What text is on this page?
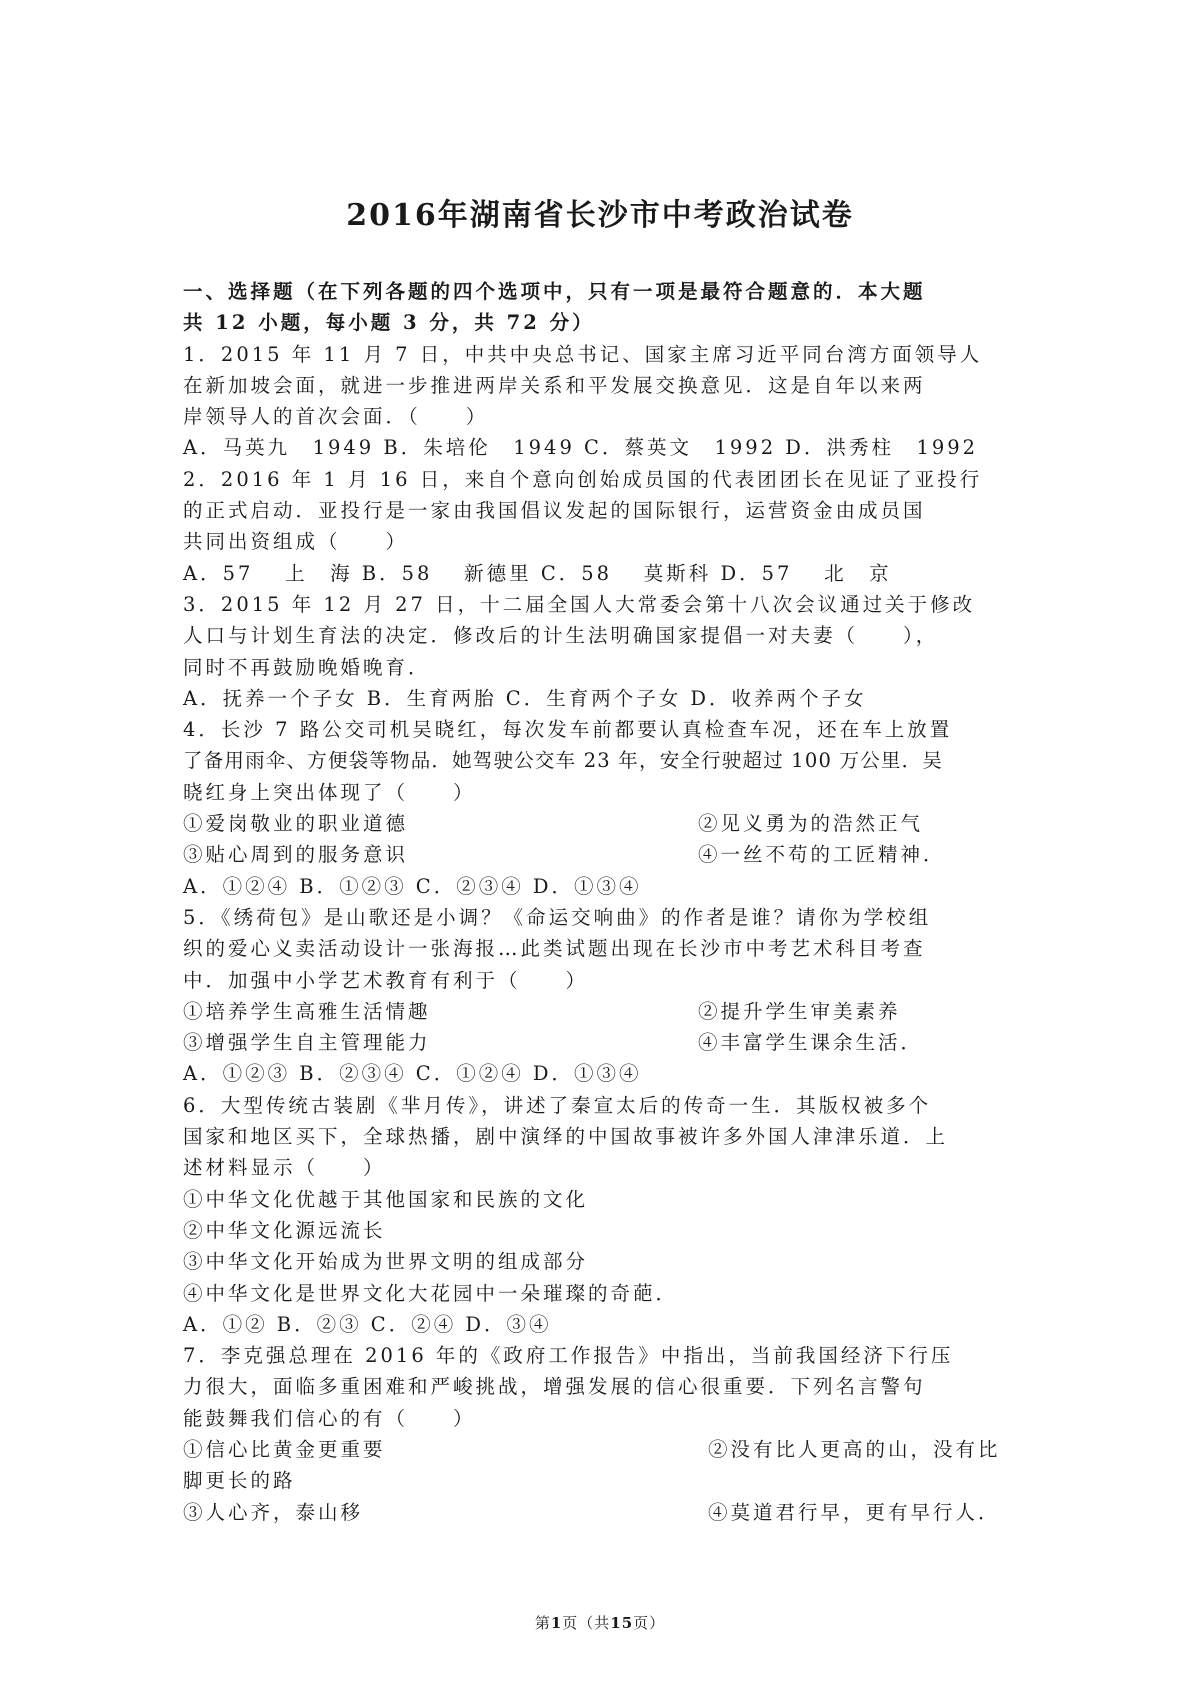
2016年湖南省长沙市中考政治试卷
一、选择题（在下列各题的四个选项中，只有一项是最符合题意的．本大题
共 12 小题，每小题 3 分，共 72 分）
1．2015 年 11 月 7 日，中共中央总书记、国家主席习近平同台湾方面领导人
在新加坡会面，就进一步推进两岸关系和平发展交换意见．这是自年以来两
岸领导人的首次会面．（　　）
A．马英九　1949 B．朱培伦　1949 C．蔡英文　1992 D．洪秀柱　1992
2．2016 年 1 月 16 日，来自个意向创始成员国的代表团团长在见证了亚投行
的正式启动．亚投行是一家由我国倡议发起的国际银行，运营资金由成员国
共同出资组成（　　）
A．57　 上　海 B．58　 新德里 C．58　 莫斯科 D．57　 北　京
3．2015 年 12 月 27 日，十二届全国人大常委会第十八次会议通过关于修改
人口与计划生育法的决定．修改后的计生法明确国家提倡一对夫妻（　　），
同时不再鼓励晚婚晚育．
A．抚养一个子女 B．生育两胎 C．生育两个子女 D．收养两个子女
4．长沙 7 路公交司机吴晓红，每次发车前都要认真检查车况，还在车上放置
了备用雨伞、方便袋等物品．她驾驶公交车 23 年，安全行驶超过 100 万公里．吴
晓红身上突出体现了（　　）
①爱岗敬业的职业道德	②见义勇为的浩然正气
③贴心周到的服务意识	④一丝不苟的工匠精神．
A．①②④ B．①②③ C．②③④ D．①③④
5．《绣荷包》是山歌还是小调？《命运交响曲》的作者是谁？请你为学校组
织的爱心义卖活动设计一张海报…此类试题出现在长沙市中考艺术科目考查
中．加强中小学艺术教育有利于（　　）
①培养学生高雅生活情趣	②提升学生审美素养
③增强学生自主管理能力	④丰富学生课余生活．
A．①②③ B．②③④ C．①②④ D．①③④
6．大型传统古装剧《芈月传》，讲述了秦宣太后的传奇一生．其版权被多个
国家和地区买下，全球热播，剧中演绎的中国故事被许多外国人津津乐道．上
述材料显示（　　）
①中华文化优越于其他国家和民族的文化
②中华文化源远流长
③中华文化开始成为世界文明的组成部分
④中华文化是世界文化大花园中一朵璀璨的奇葩．
A．①② B．②③ C．②④ D．③④
7．李克强总理在 2016 年的《政府工作报告》中指出，当前我国经济下行压
力很大，面临多重困难和严峻挑战，增强发展的信心很重要．下列名言警句
能鼓舞我们信心的有（　　）
①信心比黄金更重要	②没有比人更高的山，没有比
脚更长的路
③人心齐，泰山移	④莫道君行早，更有早行人．
第1页（共15页）
